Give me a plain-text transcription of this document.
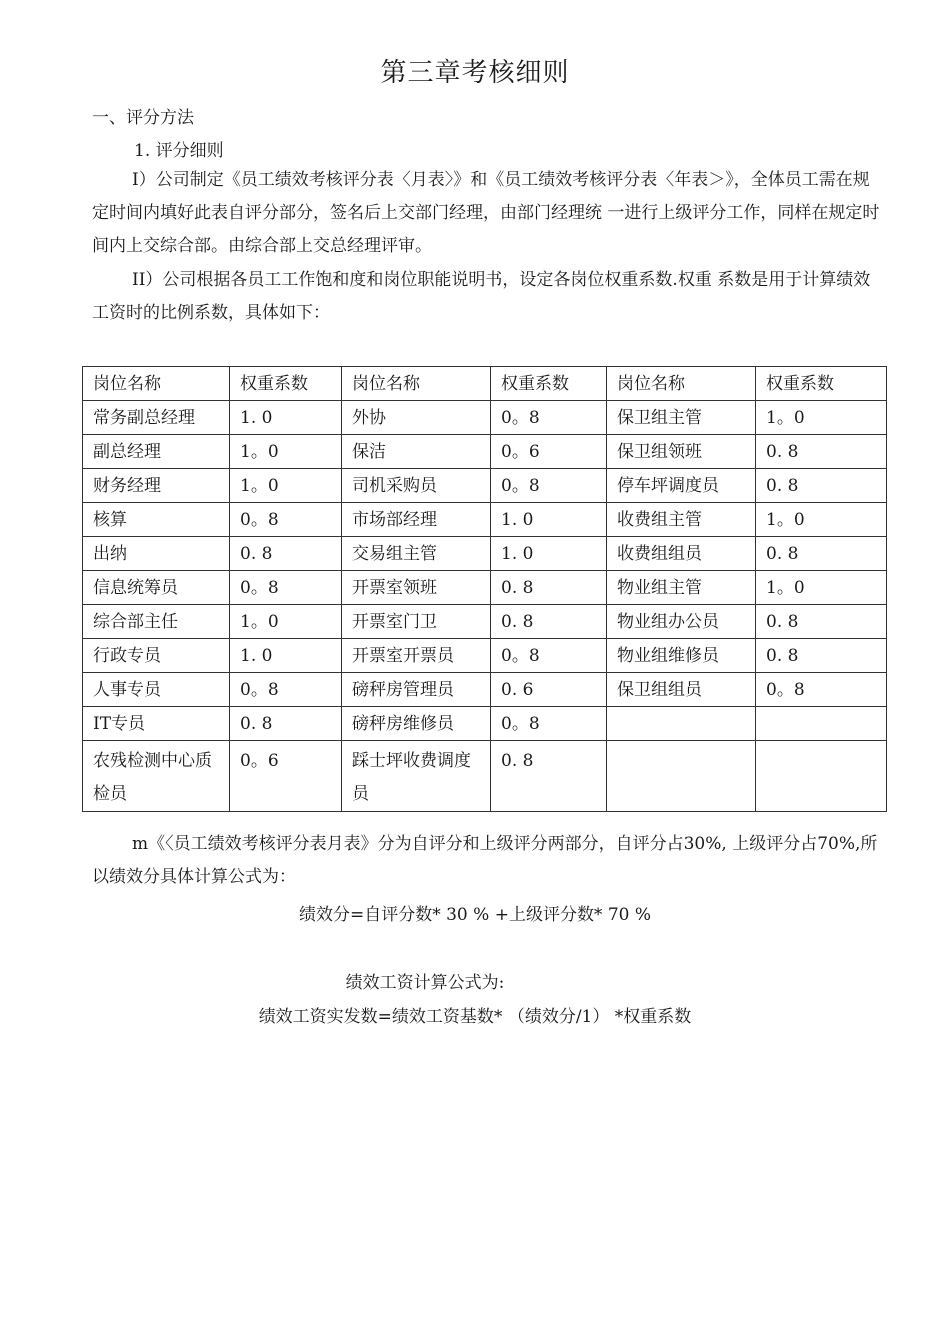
第三章考核细则
一、评分方法
1. 评分细则
I）公司制定《员工绩效考核评分表〈月表〉》和《员工绩效考核评分表〈年表＞》，全体员工需在规定时间内填好此表自评分部分，签名后上交部门经理，由部门经理统 一进行上级评分工作，同样在规定时间内上交综合部。由综合部上交总经理评审。
II）公司根据各员工工作饱和度和岗位职能说明书，设定各岗位权重系数.权重 系数是用于计算绩效工资时的比例系数，具体如下：
岗位名称	权重系数	岗位名称	权重系数	岗位名称	权重系数
常务副总经理	1. 0	外协	0。8	保卫组主管	1。0
副总经理	1。0	保洁	0。6	保卫组领班	0. 8
财务经理	1。0	司机采购员	0。8	停车坪调度员	0. 8
核算	0。8	市场部经理	1. 0	收费组主管	1。0
出纳	0. 8	交易组主管	1. 0	收费组组员	0. 8
信息统筹员	0。8	开票室领班	0. 8	物业组主管	1。0
综合部主任	1。0	开票室门卫	0. 8	物业组办公员	0. 8
行政专员	1. 0	开票室开票员	0。8	物业组维修员	0. 8
人事专员	0。8	磅秤房管理员	0. 6	保卫组组员	0。8
IT专员	0. 8	磅秤房维修员	0。8		
农残检测中心质检员	0。6	踩士坪收费调度员	0. 8		
m《〈员工绩效考核评分表月表》分为自评分和上级评分两部分，自评分占30%, 上级评分占70%,所以绩效分具体计算公式为：
绩效分=自评分数* 30 % +上级评分数* 70 %
绩效工资计算公式为:
绩效工资实发数=绩效工资基数* （绩效分/1） *权重系数
